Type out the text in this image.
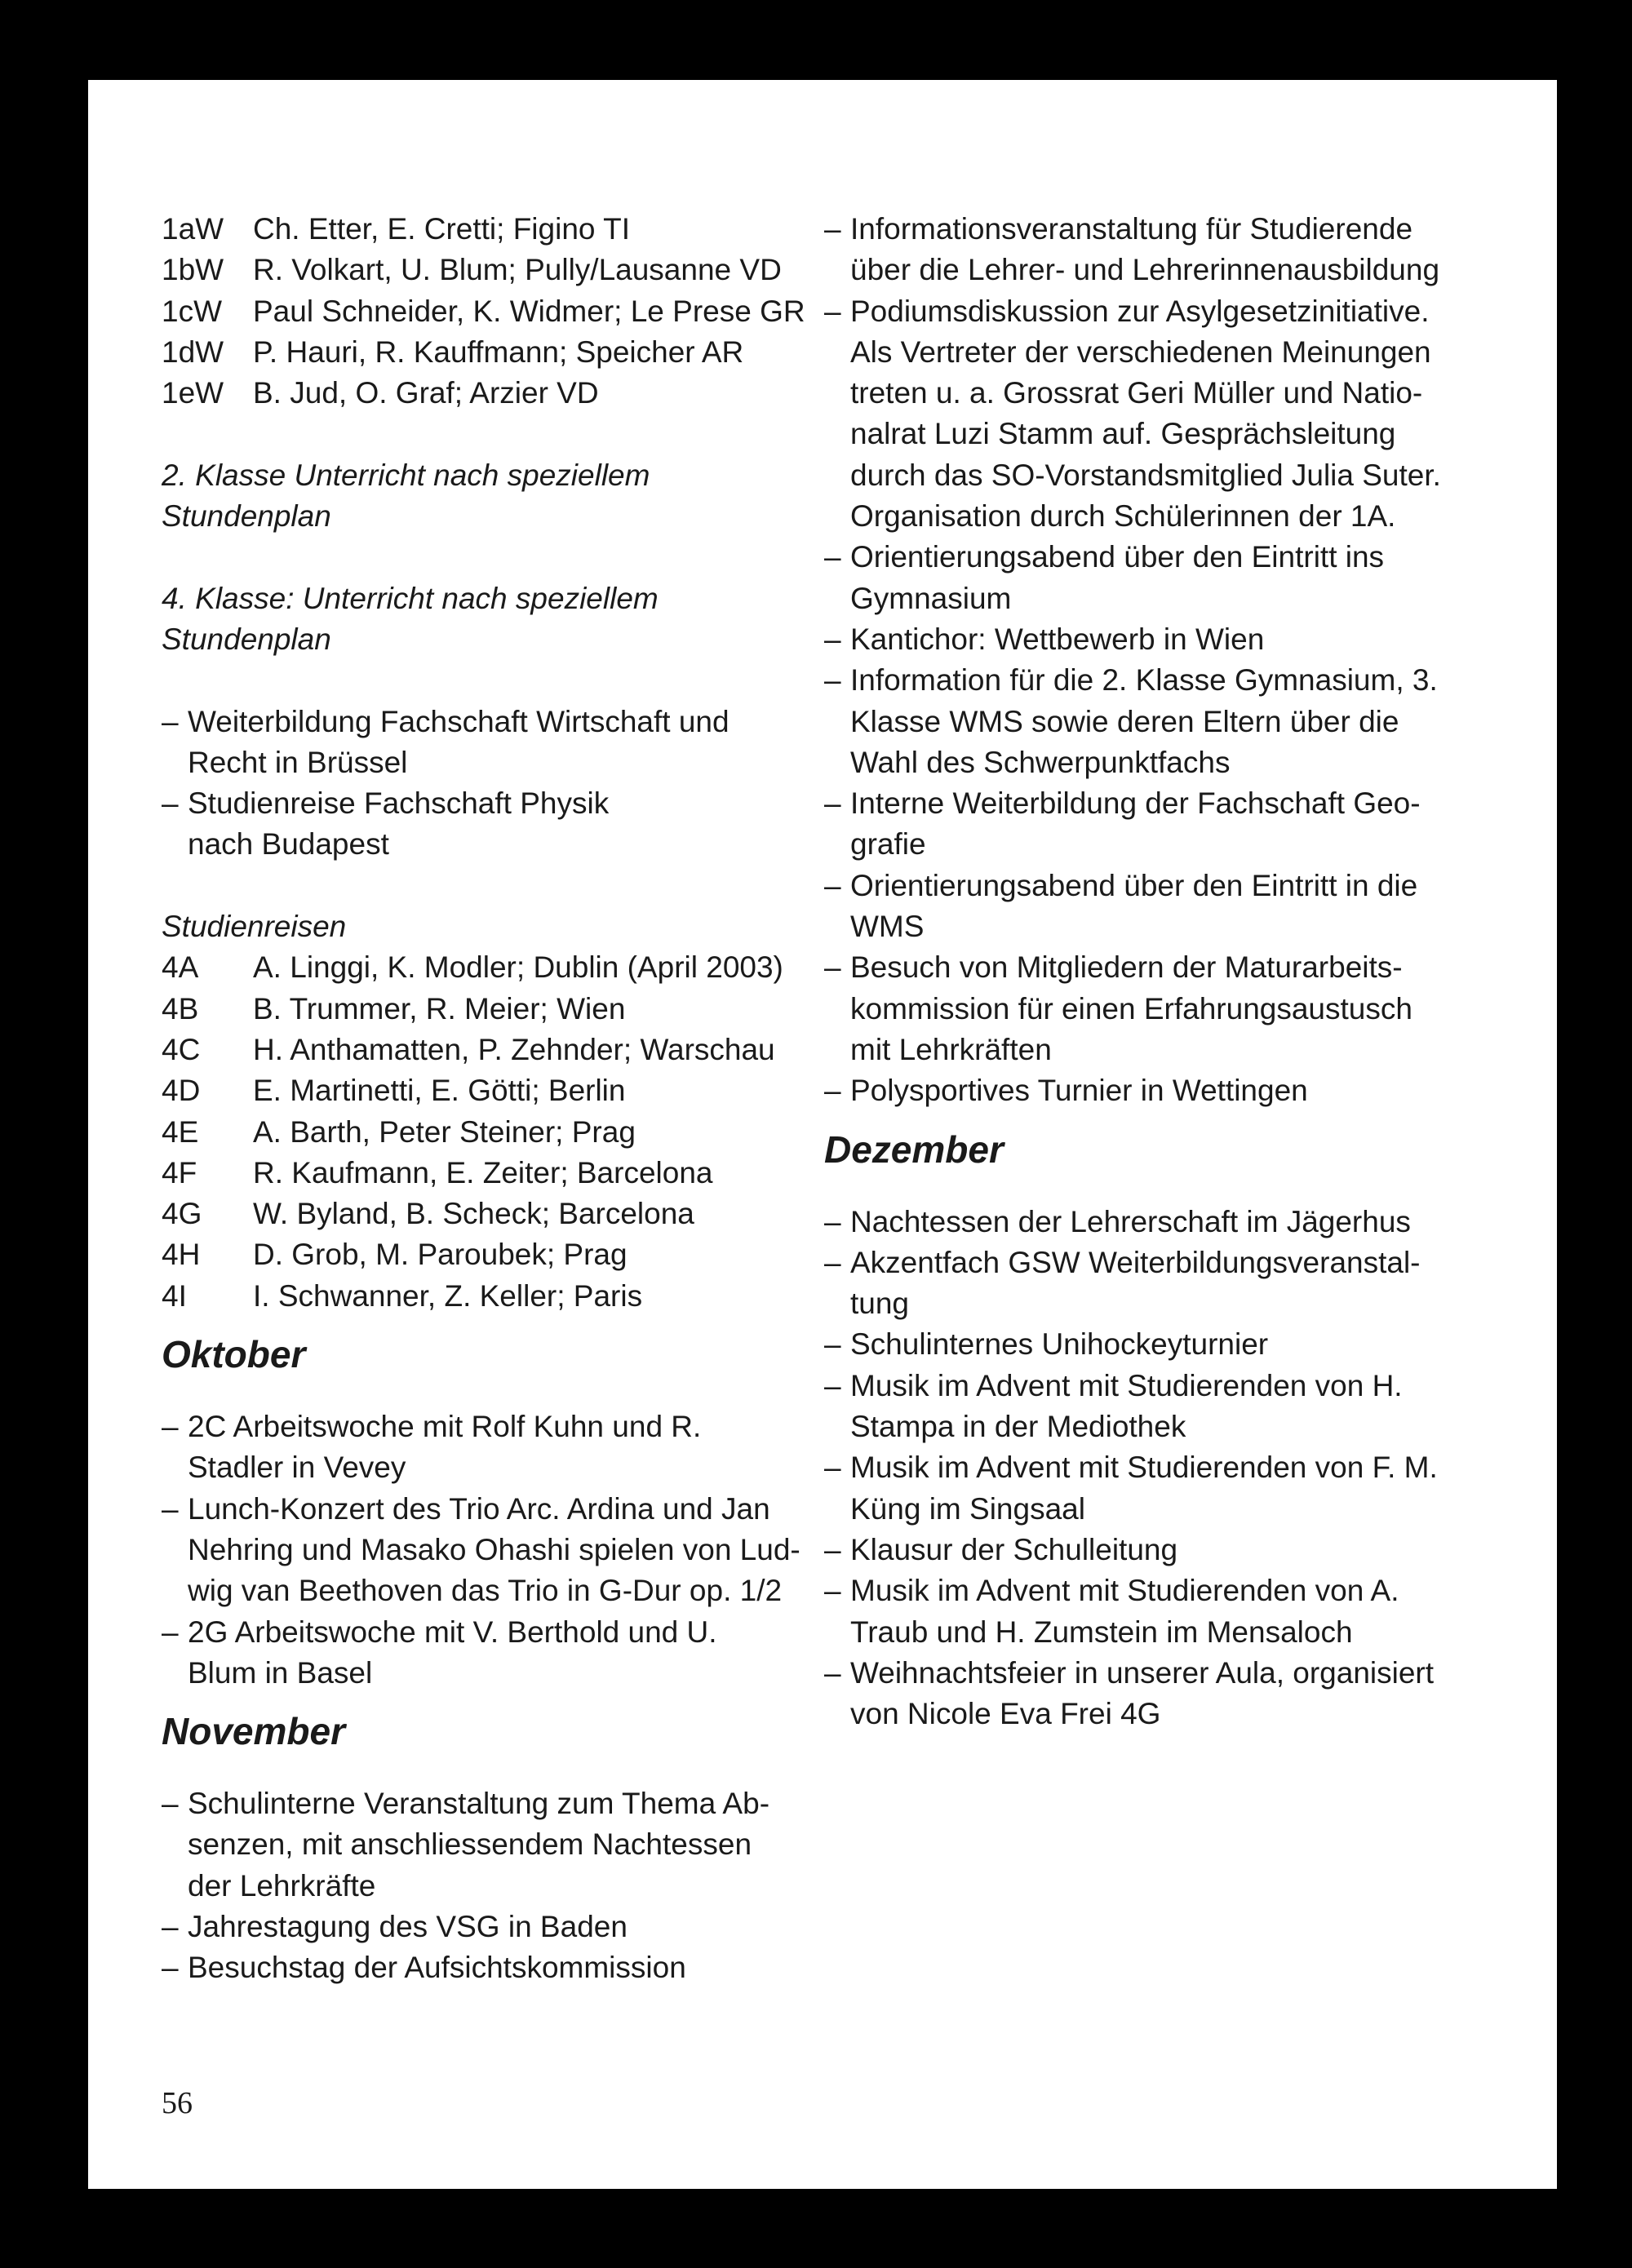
1aW Ch. Etter, E. Cretti; Figino TI
1bW R. Volkart, U. Blum; Pully/Lausanne VD
1cW	Paul Schneider, K. Widmer; Le Prese GR
1dW P. Hauri, R. Kauffmann; Speicher AR
1eW B. Jud, O. Graf; Arzier VD
2. Klasse Unterricht nach speziellem
Stundenplan
4. Klasse: Unterricht nach speziellem
Stundenplan
– Weiterbildung Fachschaft Wirtschaft und
Recht in Brüssel
– Studienreise Fachschaft Physik
nach Budapest
Studienreisen
4A	A. Linggi, K. Modler; Dublin (April 2003)
4B	B. Trummer, R. Meier; Wien
4C	H. Anthamatten, P. Zehnder; Warschau
4D	E. Martinetti, E. Götti; Berlin
4E	A. Barth, Peter Steiner; Prag
4F	R. Kaufmann, E. Zeiter; Barcelona
4G	W. Byland, B. Scheck; Barcelona
4H	D. Grob, M. Paroubek; Prag
4I	I. Schwanner, Z. Keller; Paris
Oktober
– 2C Arbeitswoche mit Rolf Kuhn und R.
Stadler in Vevey
– Lunch-Konzert des Trio Arc. Ardina und Jan
Nehring und Masako Ohashi spielen von Lud-
wig van Beethoven das Trio in G-Dur op. 1/2
– 2G Arbeitswoche mit V. Berthold und U.
Blum in Basel
November
– Schulinterne Veranstaltung zum Thema Ab-
senzen, mit anschliessendem Nachtessen
der Lehrkräfte
– Jahrestagung des VSG in Baden
– Besuchstag der Aufsichtskommission
– Informationsveranstaltung für Studierende
über die Lehrer- und Lehrerinnenausbildung
– Podiumsdiskussion zur Asylgesetzinitiative.
Als Vertreter der verschiedenen Meinungen
treten u. a. Grossrat Geri Müller und Natio-
nalrat Luzi Stamm auf. Gesprächsleitung
durch das SO-Vorstandsmitglied Julia Suter.
Organisation durch Schülerinnen der 1A.
– Orientierungsabend über den Eintritt ins
Gymnasium
– Kantichor: Wettbewerb in Wien
– Information für die 2. Klasse Gymnasium, 3.
Klasse WMS sowie deren Eltern über die
Wahl des Schwerpunktfachs
– Interne Weiterbildung der Fachschaft Geo-
grafie
– Orientierungsabend über den Eintritt in die
WMS
– Besuch von Mitgliedern der Maturarbeits-
kommission für einen Erfahrungsaustusch
mit Lehrkräften
– Polysportives Turnier in Wettingen
Dezember
– Nachtessen der Lehrerschaft im Jägerhus
– Akzentfach GSW Weiterbildungsveranstal-
tung
– Schulinternes Unihockeyturnier
– Musik im Advent mit Studierenden von H.
Stampa in der Mediothek
– Musik im Advent mit Studierenden von F. M.
Küng im Singsaal
– Klausur der Schulleitung
– Musik im Advent mit Studierenden von A.
Traub und H. Zumstein im Mensaloch
– Weihnachtsfeier in unserer Aula, organisiert
von Nicole Eva Frei 4G
56
